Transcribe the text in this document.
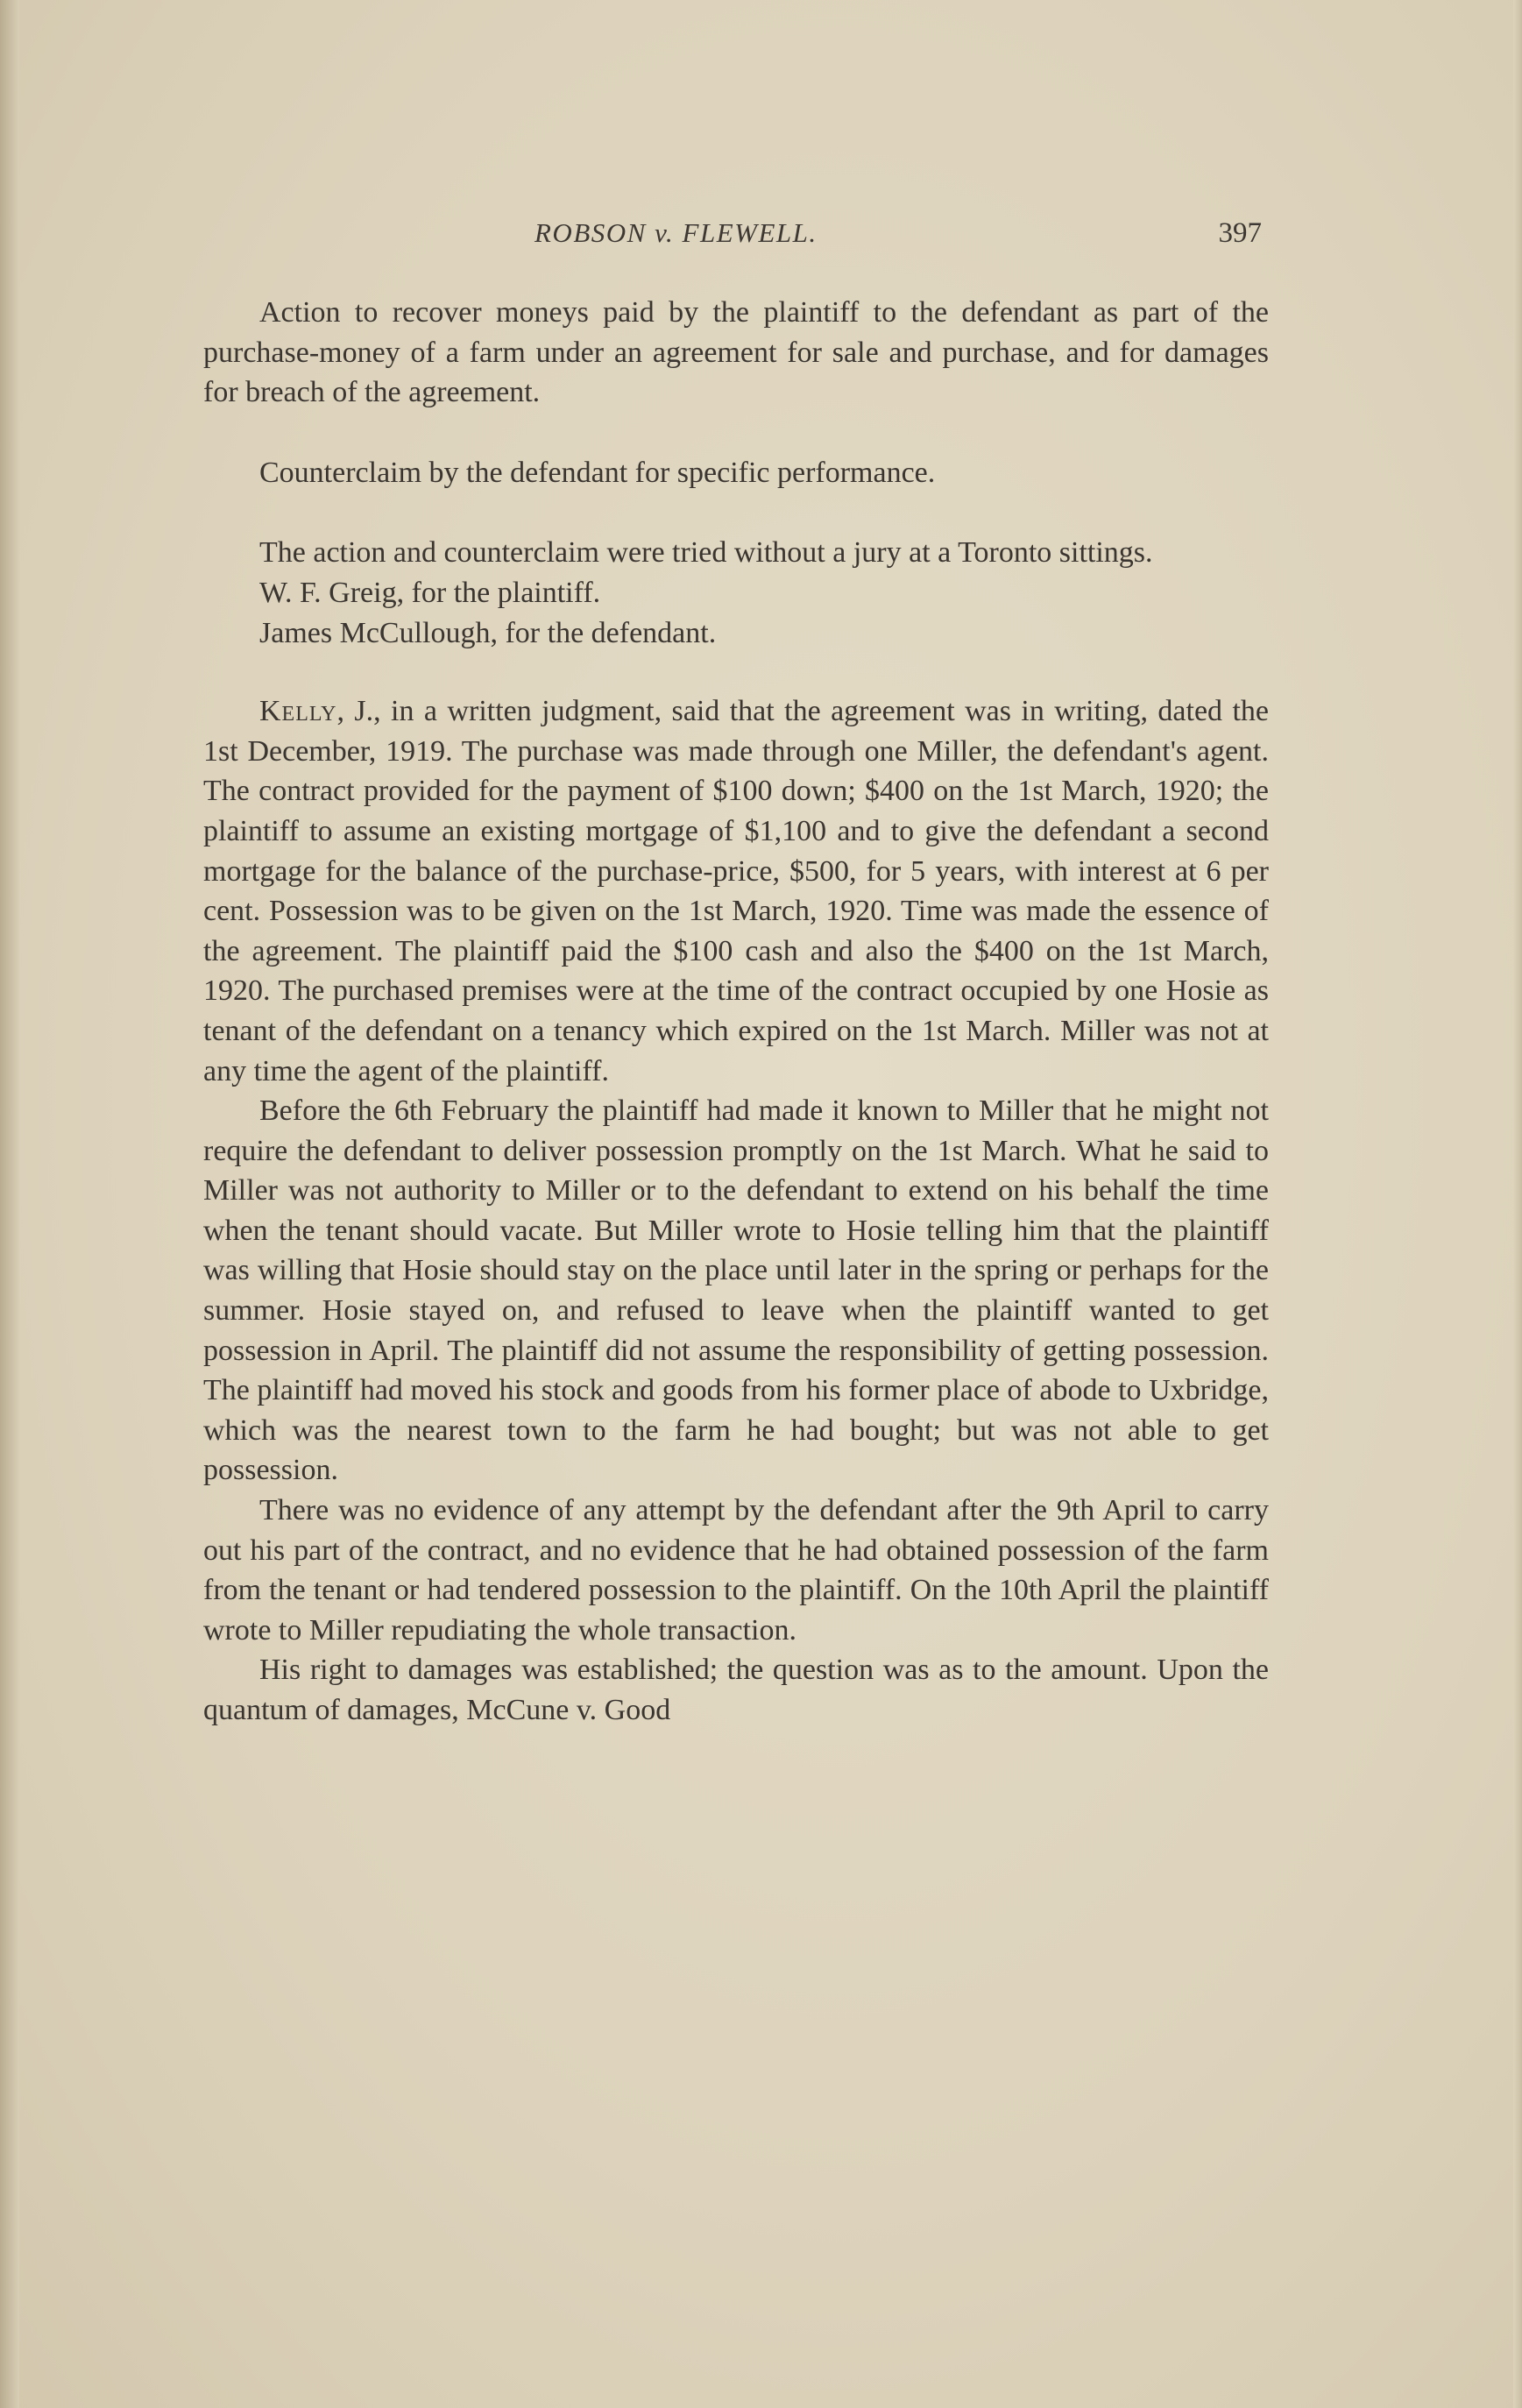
ROBSON v. FLEWELL.	397

Action to recover moneys paid by the plaintiff to the defendant as part of the purchase-money of a farm under an agreement for sale and purchase, and for damages for breach of the agreement.

Counterclaim by the defendant for specific performance.

The action and counterclaim were tried without a jury at a Toronto sittings.

W. F. Greig, for the plaintiff.

James McCullough, for the defendant.

Kelly, J., in a written judgment, said that the agreement was in writing, dated the 1st December, 1919. The purchase was made through one Miller, the defendant's agent. The contract provided for the payment of $100 down; $400 on the 1st March, 1920; the plaintiff to assume an existing mortgage of $1,100 and to give the defendant a second mortgage for the balance of the purchase-price, $500, for 5 years, with interest at 6 per cent. Possession was to be given on the 1st March, 1920. Time was made the essence of the agreement. The plaintiff paid the $100 cash and also the $400 on the 1st March, 1920. The purchased premises were at the time of the contract occupied by one Hosie as tenant of the defendant on a tenancy which expired on the 1st March. Miller was not at any time the agent of the plaintiff.

Before the 6th February the plaintiff had made it known to Miller that he might not require the defendant to deliver possession promptly on the 1st March. What he said to Miller was not authority to Miller or to the defendant to extend on his behalf the time when the tenant should vacate. But Miller wrote to Hosie telling him that the plaintiff was willing that Hosie should stay on the place until later in the spring or perhaps for the summer. Hosie stayed on, and refused to leave when the plaintiff wanted to get possession in April. The plaintiff did not assume the responsibility of getting possession. The plaintiff had moved his stock and goods from his former place of abode to Uxbridge, which was the nearest town to the farm he had bought; but was not able to get possession.

There was no evidence of any attempt by the defendant after the 9th April to carry out his part of the contract, and no evidence that he had obtained possession of the farm from the tenant or had tendered possession to the plaintiff. On the 10th April the plaintiff wrote to Miller repudiating the whole transaction.

His right to damages was established; the question was as to the amount. Upon the quantum of damages, McCune v. Good
